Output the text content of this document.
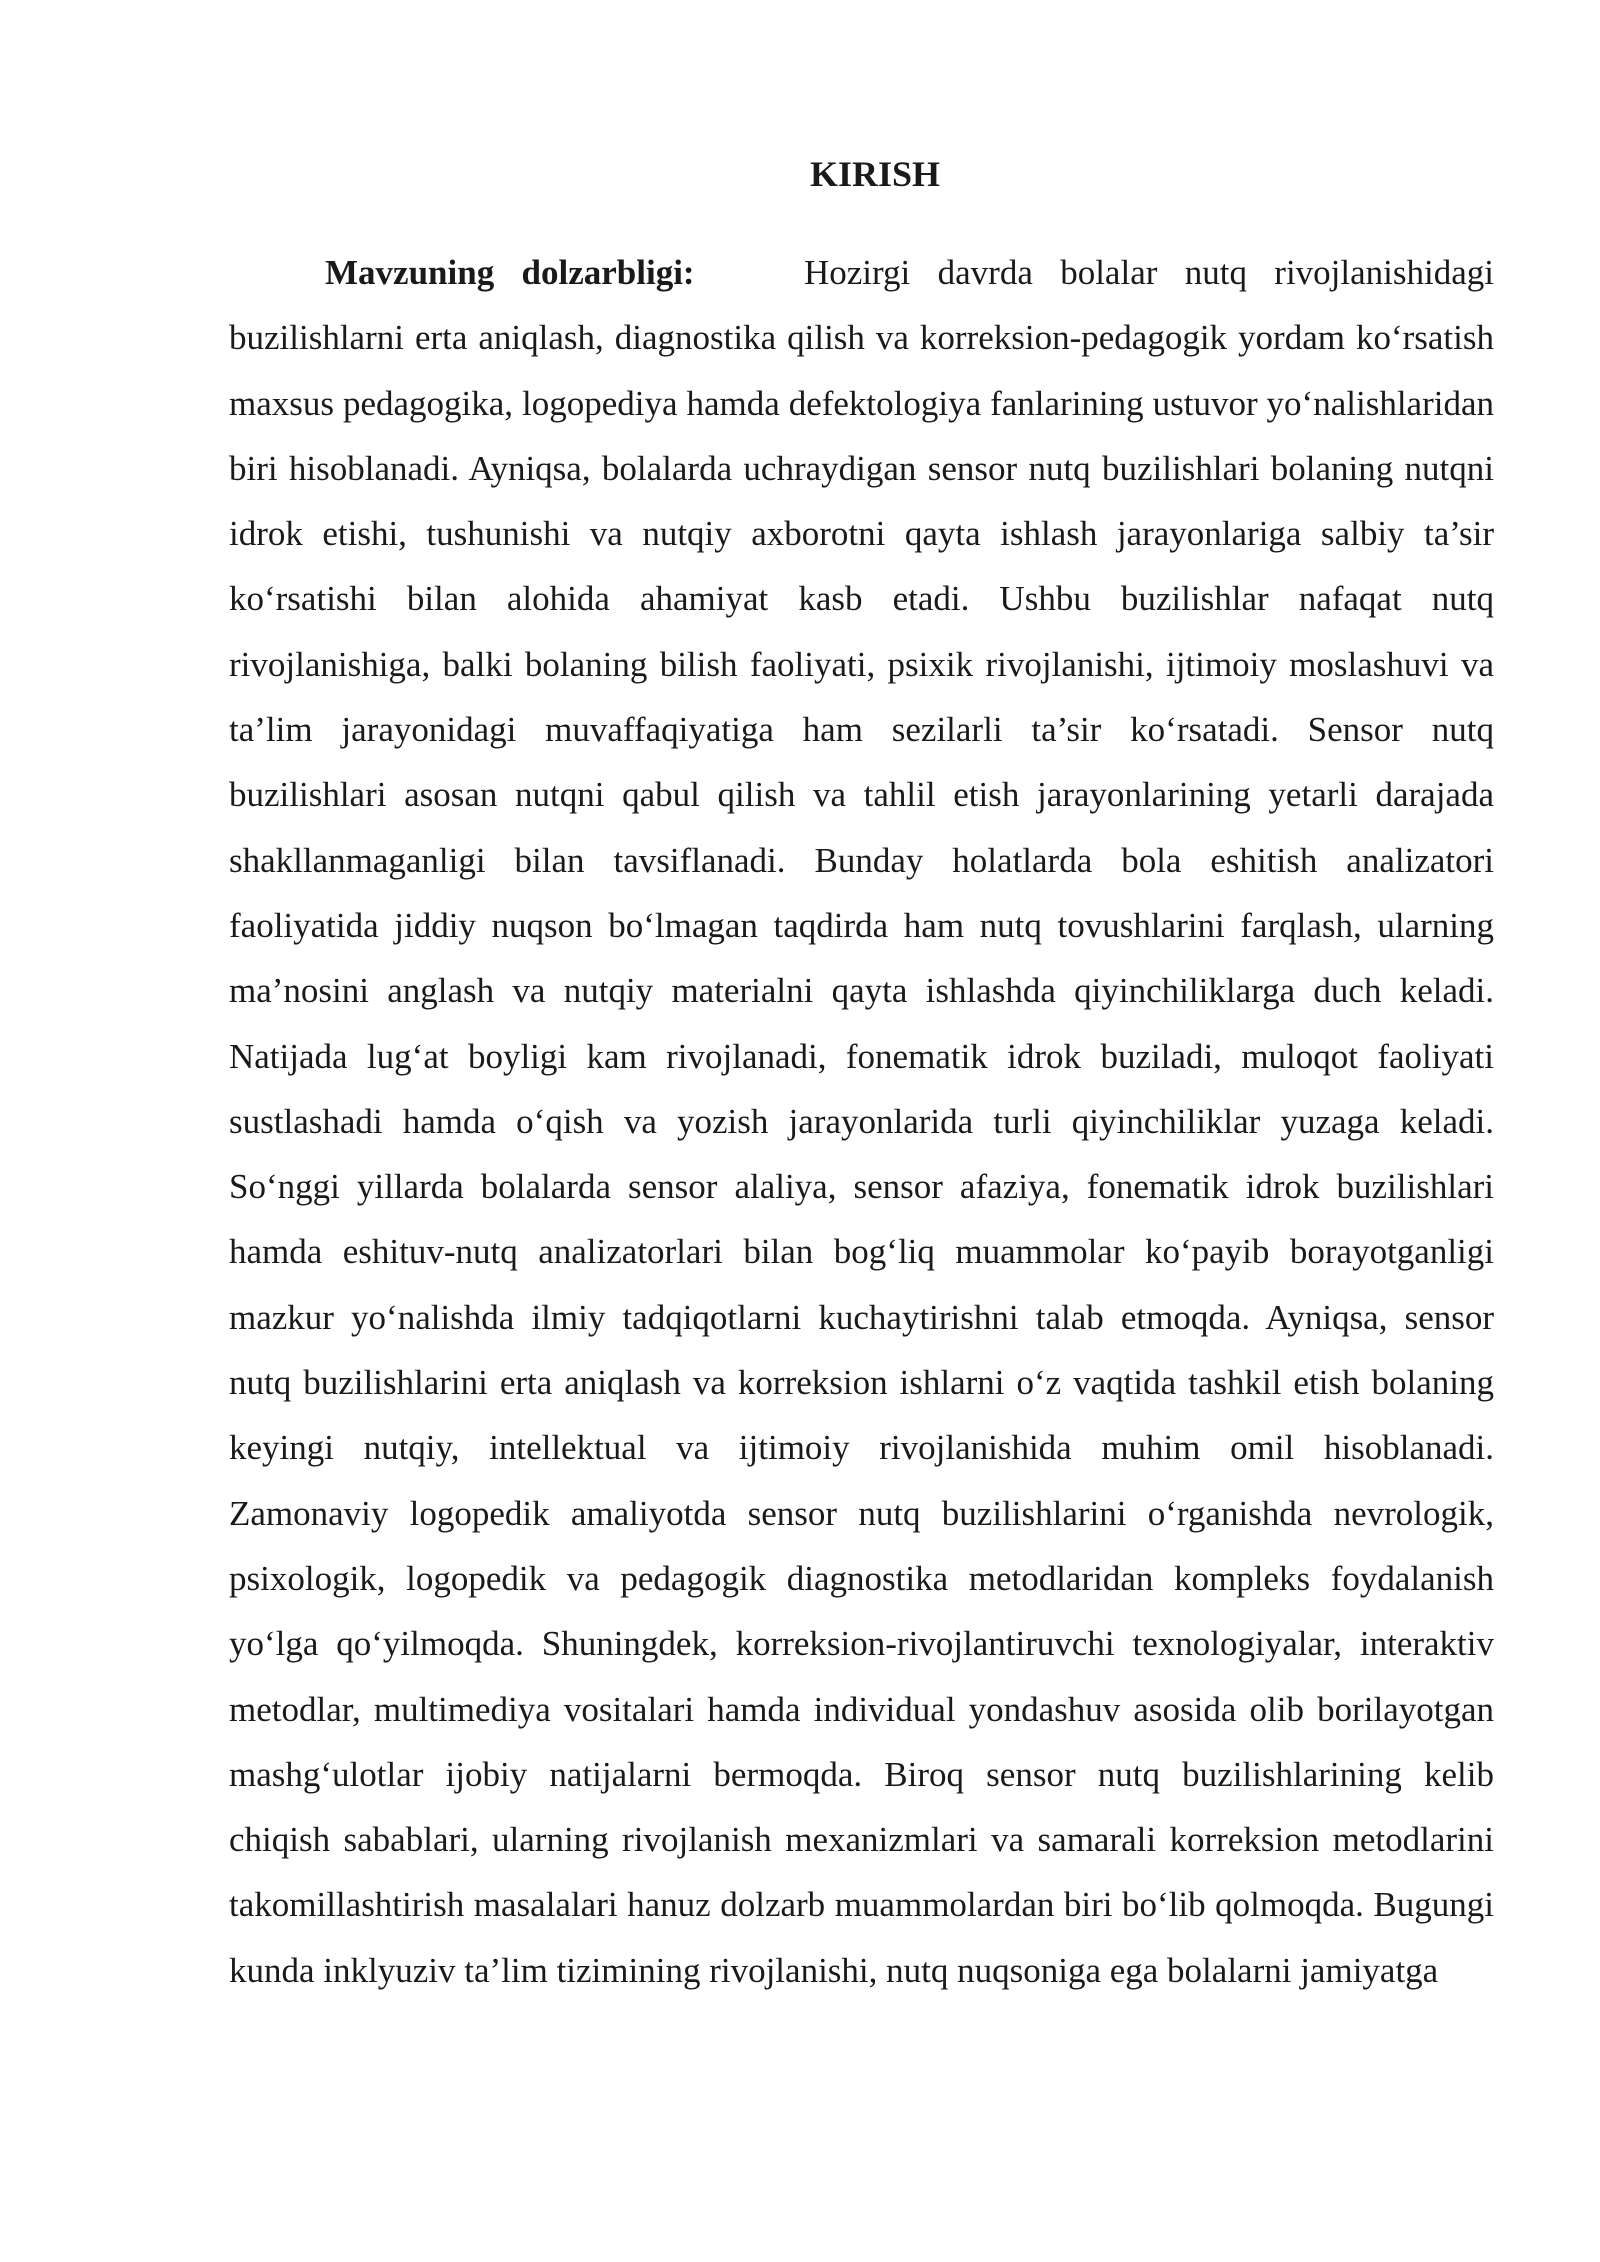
KIRISH

Mavzuning dolzarbligi:	Hozirgi davrda bolalar nutq rivojlanishidagi buzilishlarni erta aniqlash, diagnostika qilish va korreksion-pedagogik yordam ko‘rsatish maxsus pedagogika, logopediya hamda defektologiya fanlarining ustuvor yo‘nalishlaridan biri hisoblanadi. Ayniqsa, bolalarda uchraydigan sensor nutq buzilishlari bolaning nutqni idrok etishi, tushunishi va nutqiy axborotni qayta ishlash jarayonlariga salbiy ta’sir ko‘rsatishi bilan alohida ahamiyat kasb etadi. Ushbu buzilishlar nafaqat nutq rivojlanishiga, balki bolaning bilish faoliyati, psixik rivojlanishi, ijtimoiy moslashuvi va ta’lim jarayonidagi muvaffaqiyatiga ham sezilarli ta’sir ko‘rsatadi. Sensor nutq buzilishlari asosan nutqni qabul qilish va tahlil etish jarayonlarining yetarli darajada shakllanmaganligi bilan tavsiflanadi. Bunday holatlarda bola eshitish analizatori faoliyatida jiddiy nuqson bo‘lmagan taqdirda ham nutq tovushlarini farqlash, ularning ma’nosini anglash va nutqiy materialni qayta ishlashda qiyinchiliklarga duch keladi. Natijada lug‘at boyligi kam rivojlanadi, fonematik idrok buziladi, muloqot faoliyati sustlashadi hamda o‘qish va yozish jarayonlarida turli qiyinchiliklar yuzaga keladi. So‘nggi yillarda bolalarda sensor alaliya, sensor afaziya, fonematik idrok buzilishlari hamda eshituv-nutq analizatorlari bilan bog‘liq muammolar ko‘payib borayotganligi mazkur yo‘nalishda ilmiy tadqiqotlarni kuchaytirishni talab etmoqda. Ayniqsa, sensor nutq buzilishlarini erta aniqlash va korreksion ishlarni o‘z vaqtida tashkil etish bolaning keyingi nutqiy, intellektual va ijtimoiy rivojlanishida muhim omil hisoblanadi. Zamonaviy logopedik amaliyotda sensor nutq buzilishlarini o‘rganishda nevrologik, psixologik, logopedik va pedagogik diagnostika metodlaridan kompleks foydalanish yo‘lga qo‘yilmoqda. Shuningdek, korreksion-rivojlantiruvchi texnologiyalar, interaktiv metodlar, multimediya vositalari hamda individual yondashuv asosida olib borilayotgan mashg‘ulotlar ijobiy natijalarni bermoqda. Biroq sensor nutq buzilishlarining kelib chiqish sabablari, ularning rivojlanish mexanizmlari va samarali korreksion metodlarini takomillashtirish masalalari hanuz dolzarb muammolardan biri bo‘lib qolmoqda. Bugungi kunda inklyuziv ta’lim tizimining rivojlanishi, nutq nuqsoniga ega bolalarni jamiyatga
